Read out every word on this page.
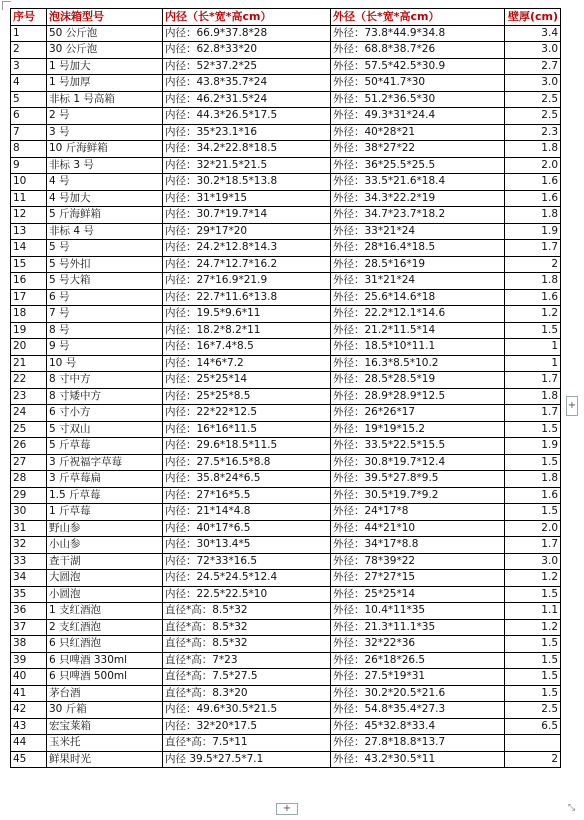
序号	泡沫箱型号	内径（长*宽*高cm）	外径（长*宽*高cm）	壁厚(cm)
1	50 公斤泡	内径：66.9*37.8*28	外径：73.8*44.9*34.8	3.4
2	30 公斤泡	内径：62.8*33*20	外径：68.8*38.7*26	3.0
3	1 号加大	内径：52*37.2*25	外径：57.5*42.5*30.9	2.7
4	1 号加厚	内径：43.8*35.7*24	外径：50*41.7*30	3.0
5	非标 1 号高箱	内径：46.2*31.5*24	外径：51.2*36.5*30	2.5
6	2 号	内径：44.3*26.5*17.5	外径：49.3*31*24.4	2.5
7	3 号	内径：35*23.1*16	外径：40*28*21	2.3
8	10 斤海鲜箱	内径：34.2*22.8*18.5	外径：38*27*22	1.8
9	非标 3 号	内径：32*21.5*21.5	外径：36*25.5*25.5	2.0
10	4 号	内径：30.2*18.5*13.8	外径：33.5*21.6*18.4	1.6
11	4 号加大	内径：31*19*15	外径：34.3*22.2*19	1.6
12	5 斤海鲜箱	内径：30.7*19.7*14	外径：34.7*23.7*18.2	1.8
13	非标 4 号	内径：29*17*20	外径：33*21*24	1.9
14	5 号	内径：24.2*12.8*14.3	外径：28*16.4*18.5	1.7
15	5 号外扣	内径：24.7*12.7*16.2	外径：28.5*16*19	2
16	5 号大箱	内径：27*16.9*21.9	外径：31*21*24	1.8
17	6 号	内径：22.7*11.6*13.8	外径：25.6*14.6*18	1.6
18	7 号	内径：19.5*9.6*11	外径：22.2*12.1*14.6	1.2
19	8 号	内径：18.2*8.2*11	外径：21.2*11.5*14	1.5
20	9 号	内径：16*7.4*8.5	外径：18.5*10*11.1	1
21	10 号	内径：14*6*7.2	外径：16.3*8.5*10.2	1
22	8 寸中方	内径：25*25*14	外径：28.5*28.5*19	1.7
23	8 寸矮中方	内径：25*25*8.5	外径：28.9*28.9*12.5	1.8
24	6 寸小方	内径：22*22*12.5	外径：26*26*17	1.7
25	5 寸双山	内径：16*16*11.5	外径：19*19*15.2	1.5
26	5 斤草莓	内径：29.6*18.5*11.5	外径：33.5*22.5*15.5	1.9
27	3 斤祝福字草莓	内径：27.5*16.5*8.8	外径：30.8*19.7*12.4	1.5
28	3 斤草莓扁	内径：35.8*24*6.5	外径：39.5*27.8*9.5	1.8
29	1.5 斤草莓	内径：27*16*5.5	外径：30.5*19.7*9.2	1.6
30	1 斤草莓	内径：21*14*4.8	外径：24*17*8	1.5
31	野山参	内径：40*17*6.5	外径：44*21*10	2.0
32	小山参	内径：30*13.4*5	外径：34*17*8.8	1.7
33	查干湖	内径：72*33*16.5	外径：78*39*22	3.0
34	大圆泡	内径：24.5*24.5*12.4	外径：27*27*15	1.2
35	小圆泡	内径：22.5*22.5*10	外径：25*25*14	1.5
36	1 支红酒泡	直径*高：8.5*32	外径：10.4*11*35	1.1
37	2 支红酒泡	直径*高：8.5*32	外径：21.3*11.1*35	1.2
38	6 只红酒泡	直径*高：8.5*32	外径：32*22*36	1.5
39	6 只啤酒 330ml	直径*高：7*23	外径：26*18*26.5	1.5
40	6 只啤酒 500ml	直径*高：7.5*27.5	外径：27.5*19*31	1.5
41	茅台酒	直径*高：8.3*20	外径：30.2*20.5*21.6	1.5
42	30 斤箱	内径：49.6*30.5*21.5	外径：54.8*35.4*27.3	2.5
43	宏宝莱箱	内径：32*20*17.5	外径：45*32.8*33.4	6.5
44	玉米托	直径*高：7.5*11	外径：27.8*18.8*13.7	
45	鲜果时光	内径 39.5*27.5*7.1	外径：43.2*30.5*11	2
+
+	⤡
